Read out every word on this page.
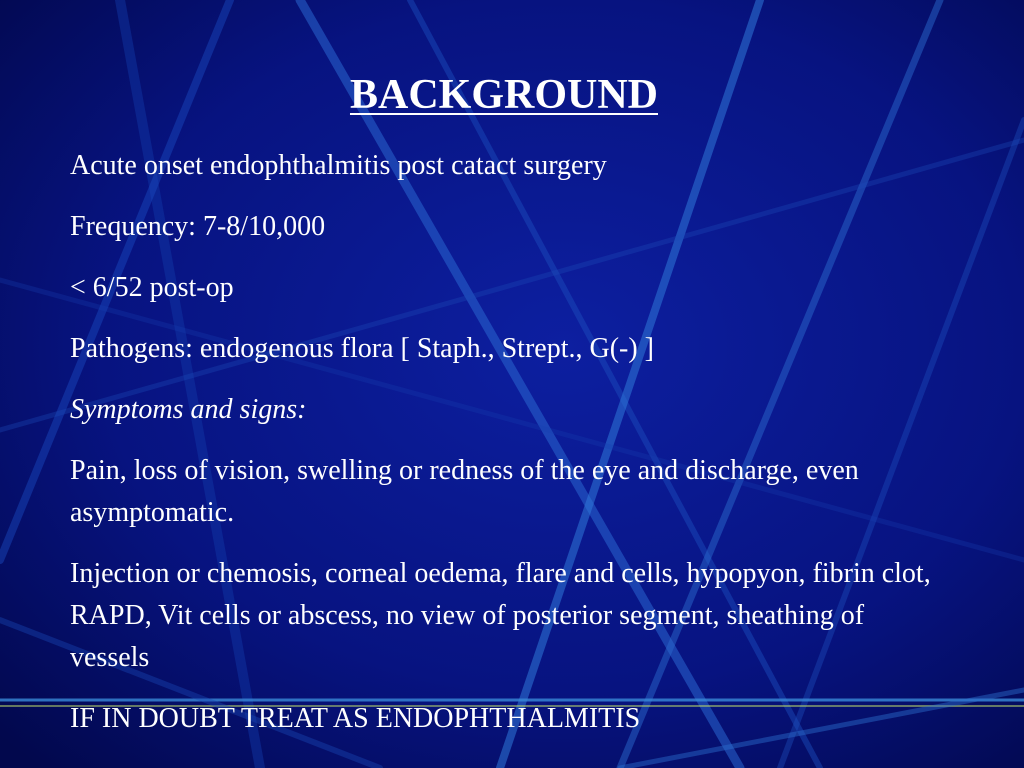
BACKGROUND

Acute onset endophthalmitis post catact surgery

Frequency: 7-8/10,000

< 6/52 post-op

Pathogens: endogenous flora [ Staph., Strept., G(-) ]

Symptoms and signs:

Pain, loss of vision, swelling or redness of the eye and discharge, even asymptomatic.

Injection or chemosis, corneal oedema, flare and cells, hypopyon, fibrin clot, RAPD, Vit cells or abscess, no view of posterior segment, sheathing of vessels

IF IN DOUBT TREAT AS ENDOPHTHALMITIS
